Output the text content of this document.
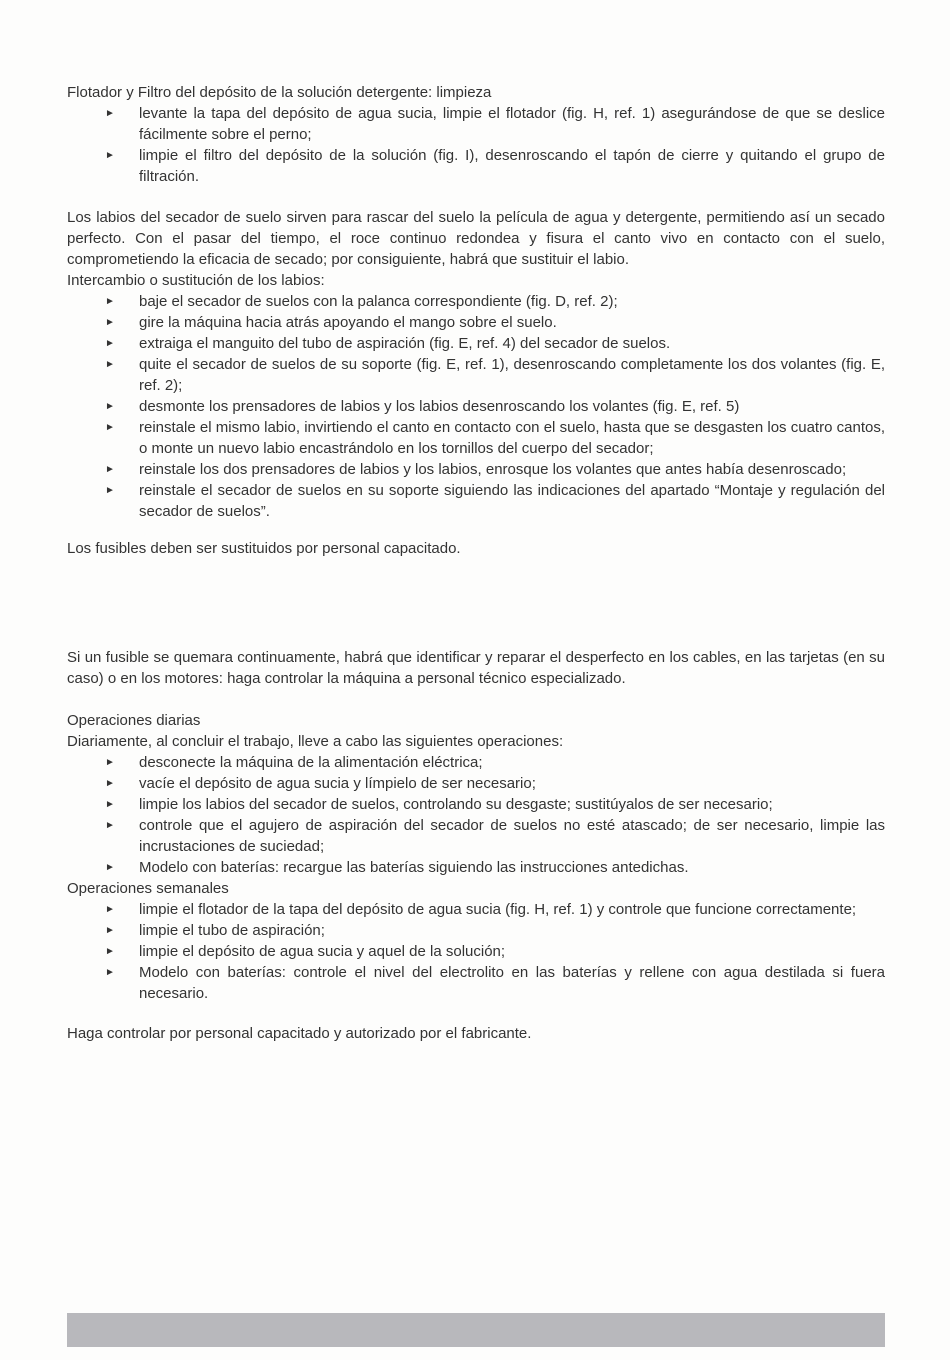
Flotador y Filtro del depósito de la solución detergente: limpieza
►	levante la tapa del depósito de agua sucia, limpie el flotador (fig. H, ref. 1) asegurándose de que se deslice fácilmente sobre el perno;
►	limpie el filtro del depósito de la solución (fig. I), desenroscando el tapón de cierre y quitando el grupo de filtración.
Los labios del secador de suelo sirven para rascar del suelo la película de agua y detergente, permitiendo así un secado perfecto. Con el pasar del tiempo, el roce continuo redondea y fisura el canto vivo en contacto con el suelo, comprometiendo la eficacia de secado; por consiguiente, habrá que sustituir el labio.
Intercambio o sustitución de los labios:
►	baje el secador de suelos con la palanca correspondiente (fig. D, ref. 2);
►	gire la máquina hacia atrás apoyando el mango sobre el suelo.
►	extraiga el manguito del tubo de aspiración (fig. E, ref. 4) del secador de suelos.
►	quite el secador de suelos de su soporte (fig. E, ref. 1), desenroscando completamente los dos volantes (fig. E, ref. 2);
►	desmonte los prensadores de labios y los labios desenroscando los volantes (fig. E, ref. 5)
►	reinstale el mismo labio, invirtiendo el canto en contacto con el suelo, hasta que se desgasten los cuatro cantos, o monte un nuevo labio encastrándolo en los tornillos del cuerpo del secador;
►	reinstale los dos prensadores de labios y los labios, enrosque los volantes que antes había desenroscado;
►	reinstale el secador de suelos en su soporte siguiendo las indicaciones del apartado “Montaje y regulación del secador de suelos”.
Los fusibles deben ser sustituidos por personal capacitado.
Si un fusible se quemara continuamente, habrá que identificar y reparar el desperfecto en los cables, en las tarjetas (en su caso) o en los motores: haga controlar la máquina a personal técnico especializado.
Operaciones diarias
Diariamente, al concluir el trabajo, lleve a cabo las siguientes operaciones:
►	desconecte la máquina de la alimentación eléctrica;
►	vacíe el depósito de agua sucia y límpielo de ser necesario;
►	limpie los labios del secador de suelos, controlando su desgaste; sustitúyalos de ser necesario;
►	controle que el agujero de aspiración del secador de suelos no esté atascado; de ser necesario, limpie las incrustaciones de suciedad;
►	Modelo con baterías: recargue las baterías siguiendo las instrucciones antedichas.
Operaciones semanales
►	limpie el flotador de la tapa del depósito de agua sucia (fig. H, ref. 1) y controle que funcione correctamente;
►	limpie el tubo de aspiración;
►	limpie el depósito de agua sucia y aquel de la solución;
►	Modelo con baterías: controle el nivel del electrolito en las baterías y rellene con agua destilada si fuera necesario.
Haga controlar por personal capacitado y autorizado por el fabricante.
